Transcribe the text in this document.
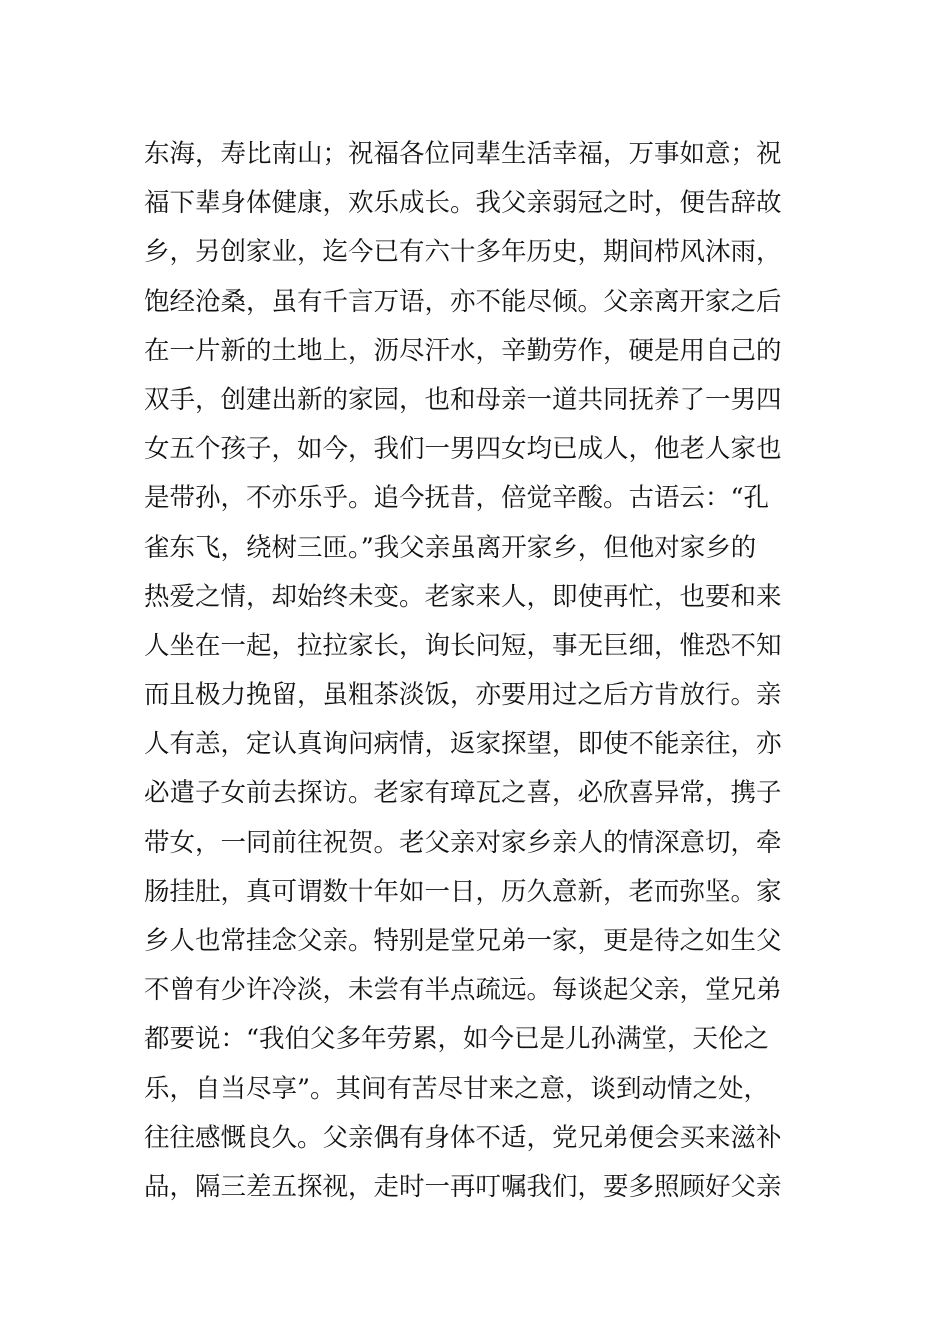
东海，寿比南山；祝福各位同辈生活幸福，万事如意；祝
福下辈身体健康，欢乐成长。我父亲弱冠之时，便告辞故
乡，另创家业，迄今已有六十多年历史，期间栉风沐雨，
饱经沧桑，虽有千言万语，亦不能尽倾。父亲离开家之后
在一片新的土地上，沥尽汗水，辛勤劳作，硬是用自己的
双手，创建出新的家园，也和母亲一道共同抚养了一男四
女五个孩子，如今，我们一男四女均已成人，他老人家也
是带孙，不亦乐乎。追今抚昔，倍觉辛酸。古语云：“孔
雀东飞，绕树三匝。”我父亲虽离开家乡，但他对家乡的
热爱之情，却始终未变。老家来人，即使再忙，也要和来
人坐在一起，拉拉家长，询长问短，事无巨细，惟恐不知
而且极力挽留，虽粗茶淡饭，亦要用过之后方肯放行。亲
人有恙，定认真询问病情，返家探望，即使不能亲往，亦
必遣子女前去探访。老家有璋瓦之喜，必欣喜异常，携子
带女，一同前往祝贺。老父亲对家乡亲人的情深意切，牵
肠挂肚，真可谓数十年如一日，历久意新，老而弥坚。家
乡人也常挂念父亲。特别是堂兄弟一家，更是待之如生父
不曾有少许冷淡，未尝有半点疏远。每谈起父亲，堂兄弟
都要说：“我伯父多年劳累，如今已是儿孙满堂，天伦之
乐，自当尽享”。其间有苦尽甘来之意，谈到动情之处，
往往感慨良久。父亲偶有身体不适，党兄弟便会买来滋补
品，隔三差五探视，走时一再叮嘱我们，要多照顾好父亲
